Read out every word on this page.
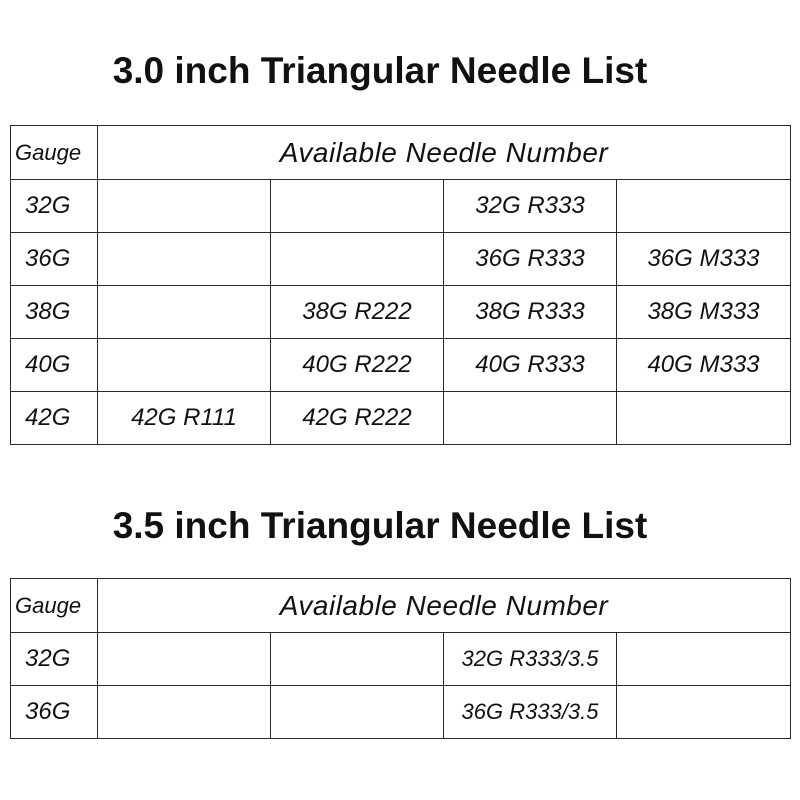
3.0 inch Triangular Needle List
Gauge	Available Needle Number			
32G			32G R333	
36G			36G R333	36G M333
38G		38G R222	38G R333	38G M333
40G		40G R222	40G R333	40G M333
42G	42G R111	42G R222		
3.5 inch Triangular Needle List
Gauge	Available Needle Number			
32G			32G R333/3.5	
36G			36G R333/3.5	
